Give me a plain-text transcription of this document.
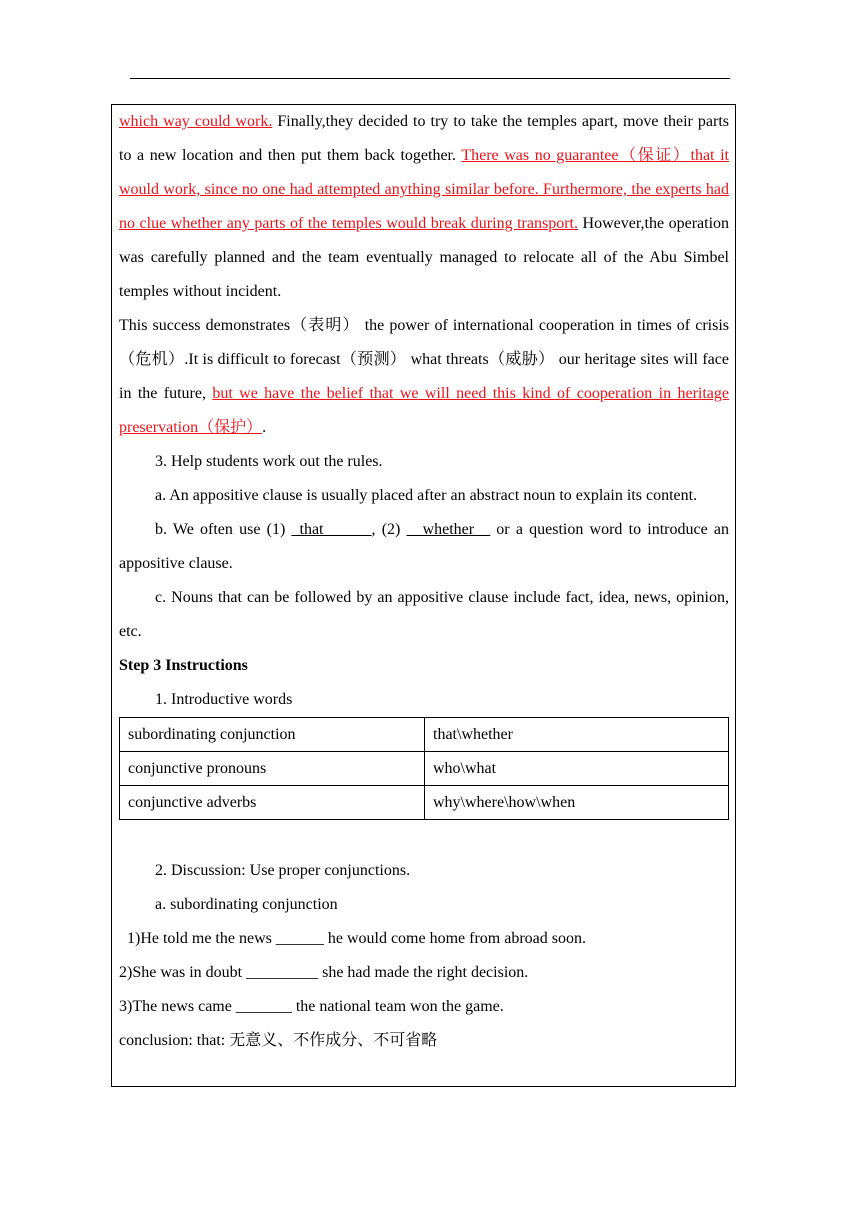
which way could work. Finally,they decided to try to take the temples apart, move their parts to a new location and then put them back together. There was no guarantee（保证）that it would work, since no one had attempted anything similar before. Furthermore, the experts had no clue whether any parts of the temples would break during transport. However,the operation was carefully planned and the team eventually managed to relocate all of the Abu Simbel temples without incident.

This success demonstrates（表明） the power of international cooperation in times of crisis（危机）.It is difficult to forecast（预测） what threats（威胁） our heritage sites will face in the future, but we have the belief that we will need this kind of cooperation in heritage preservation（保护）.

3. Help students work out the rules.

a. An appositive clause is usually placed after an abstract noun to explain its content.

b. We often use (1) _that______, (2) __whether__ or a question word to introduce an appositive clause.

c. Nouns that can be followed by an appositive clause include fact, idea, news, opinion, etc.

Step 3 Instructions

1. Introductive words

subordinating conjunction	that\whether
conjunctive pronouns	who\what
conjunctive adverbs	why\where\how\when

2. Discussion: Use proper conjunctions.

a. subordinating conjunction

1)He told me the news ______ he would come home from abroad soon.

2)She was in doubt _________ she had made the right decision.

3)The news came _______ the national team won the game.

conclusion: that: 无意义、不作成分、不可省略
